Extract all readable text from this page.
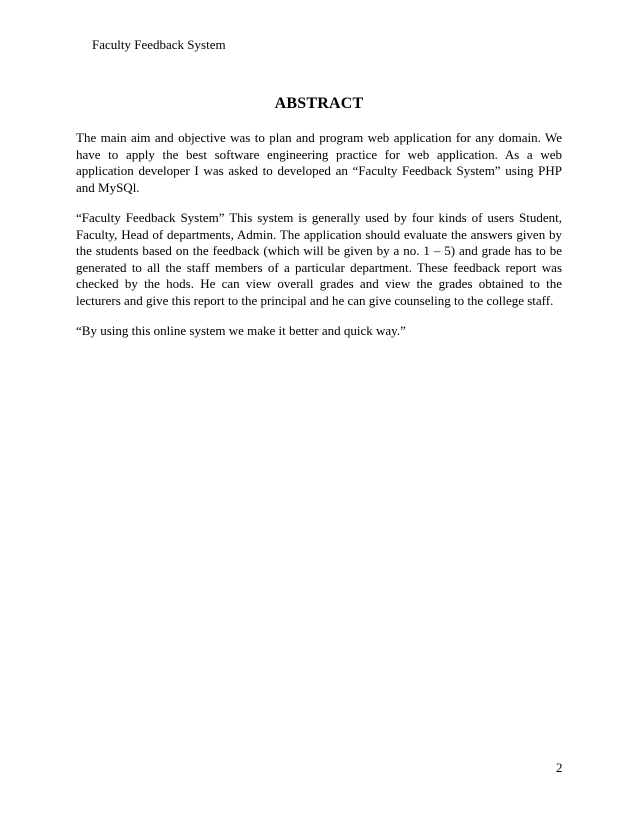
Faculty Feedback System
ABSTRACT

The main aim and objective was to plan and program web application for any domain. We have to apply the best software engineering practice for web application. As a web application developer I was asked to developed an “Faculty Feedback System” using PHP and MySQl.

“Faculty Feedback System” This system is generally used by four kinds of users Student, Faculty, Head of departments, Admin. The application should evaluate the answers given by the students based on the feedback (which will be given by a no. 1 – 5) and grade has to be generated to all the staff members of a particular department. These feedback report was checked by the hods. He can view overall grades and view the grades obtained to the lecturers and give this report to the principal and he can give counseling to the college staff.

“By using this online system we make it better and quick way.”

2
